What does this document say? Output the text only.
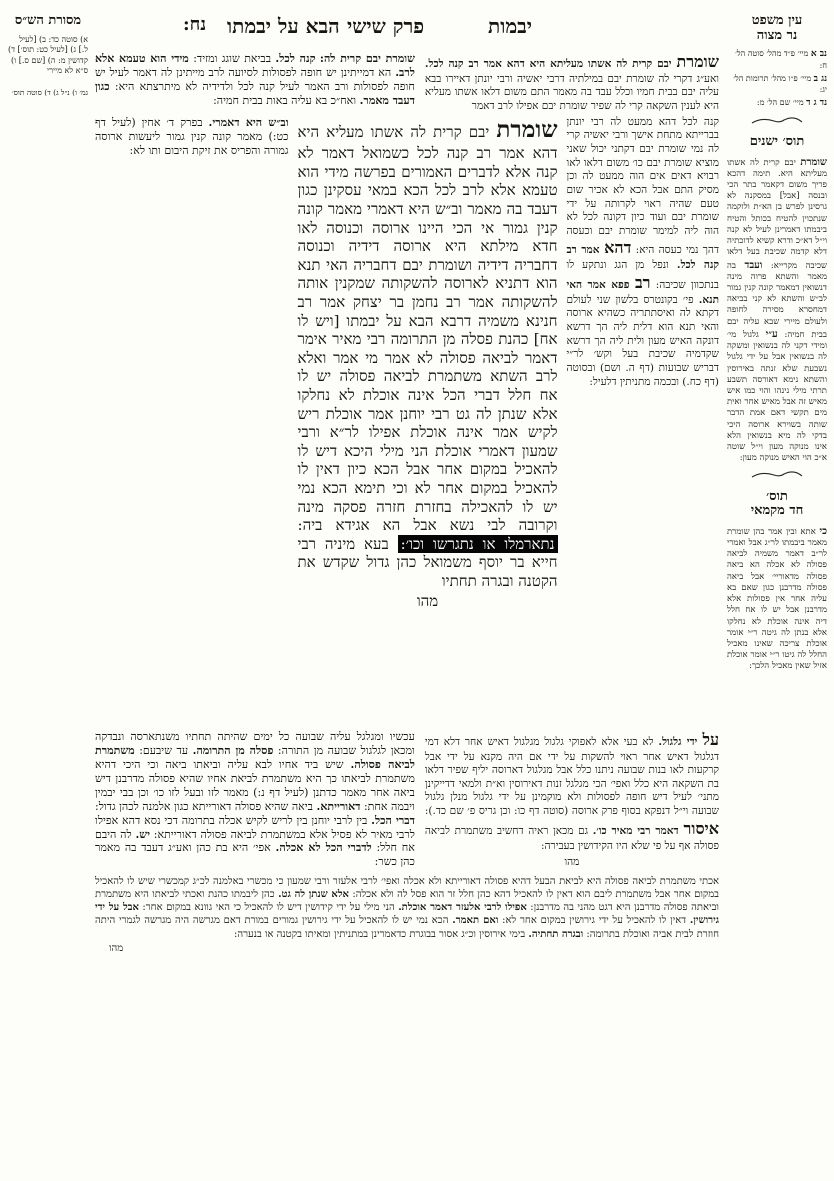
עין משפט
נר מצוה
נב א מיי׳ פ״ד מהל׳ סוטה הל׳ ח:
נג ב מיי׳ פ״ו מהל׳ תרומות הל׳ יג:
נד ג ד מיי׳ שם הל׳ מ:
תוס׳ ישנים
שומרת יבם קרית לה אשתו מעליתא היא. תימה דהכא פריך משום דקאמר בתר הכי ובנסה [אבל] במסקנה לא גרסינן לפרש בן הא״ת ולוקמה שנתכוין להטיח בכותל והטיח ביבמתו דאמרינן לעיל לא קנה וי״ל דא״כ ודרא קשיא לדוכתיה דלא קדמה שכיבת בעל דלאו שכיבה מקרייא: ועבד בה מאמר והשתא פרוה מינה דנשואין דמאמר קונה קנין גמור לב״ש והשתא לא קני בביאה דמחסרא מסירה לחופה ולעולם מיירי שבא עליה יבם בבית חמיה: ע״י גלגול מי׳ ומידי דקני לה בנשואין ומשקה לה בנשואין אבל על ידי גלגול נשבעת שלא זנתה באירוסין והשתא נימא דאורסה תשבע תרתי מילי נינהו והוי כמו איש מאיש זה אבל מאיש אחר ואית מים תקשי דאם אמת הדבר שותה בשוירא ארוסה היכי בדקי לה מיא בנשואין הלא אינו מנוקה מעון וי״ל שוטה א״כ הוי האיש מנוקה מעון:
תוס׳
חד מקמאי
כי אתא ובין אמר בהן שומרת מאמר ביבמתו לר״ג אבל ואמרי לר״ב דאמר משמיה לביאה פסולה לא אכלה הא ביאה פסולה מדאוריי׳ אבל ביאה פסולה מדרבנן כגון שאם בא עליה אחר אין פסולות אלא מדרבנן אבל יש לו אח חלל דיה אינה אוכלת לא נחלקו אלא בנתן לה גיטה ר״י אומר אוכלת צריכה שאינו מאכיל החלל לה גיטו ר״י אומר אוכלת אזיל שאין מאכיל הלכך:
נח: הבא על יבמתו פרק שישי	יבמות
שומרת יבם קרית לה אשתו מעליתא היא דהא אמר רב קנה לכל. ואע״ג דקרי לה שומרת יבם במילתיה דרבי יאשיה ורבי יונתן דאיירו בבא עליה יבם בבית חמיו וכלל עבד בה מאמר התם משום דלאו אשתו מעליא היא לענין השקאה קרי לה שפיר שומרת יבם אפילו לרב דאמר
שומרת יבם קרית לה: קנה לכל. בביאת שוגג ומזיד: מידי הוא טעמא אלא לרב. הא דמייתינן יש חופה לפסולות לסיועה לרב מייתינן לה דאמר לעיל יש חופה לפסולות ורב האמר לעיל קנה לכל ולדידיה לא מיתרצתא היא: כגון דעבד מאמר. ואח״כ בא עליה באות בבית חמיה:
קנה לכל דהא ממעט לה רבי יונתן בברייתא מתחת אישך ורבי יאשיה קרי לה נמי שומרת יבם דקתני יכול שאני מוציא שומרת יבם כו׳ משום דלאו לאו רבויא דאים אים הוה ממעט לה וכן מסיק התם אבל הכא לא אכיר שום טעם שהיה ראוי לקרותה על ידי שומרת יבם ועוד כיון דקונה לכל לא הוה ליה למימר שומרת יבם וכעסה דהך נמי כעסה היא: דהא אמר רב קנה לכל. ונפל מן הגג ונתקע לו בנתכוון שכיבה: רב פפא אמר האי תנא. פי׳ בקונטרס בלשון שני לעולם דקתא לה ואיסתתריה כשהיא ארוסה והאי תנא הוא דלית ליה הך דרשא דונקה האיש מעון ולית ליה הך דרשא שקדמיה שכיבת בעל וקש׳ לר״י דבריש שבועות (דף ה. ושם) ובסוטה (דף כח.) ובכמה מתניתין דלעיל:
שומרת יבם קרית לה אשתו מעליא היא דהא אמר רב קנה לכל כשמואל דאמר לא קנה אלא לדברים האמורים בפרשה מידי הוא טעמא אלא לרב לכל הכא במאי עסקינן כגון דעבד בה מאמר וב״ש היא דאמרי מאמר קונה קנין גמור אי הכי היינו ארוסה וכנוסה לאו חדא מילתא היא ארוסה דידיה וכנוסה דחבריה דידיה ושומרת יבם דחבריה האי תנא הוא דתניא לארוסה להשקותה שמקנין אותה להשקותה אמר רב נחמן בר יצחק אמר רב חנינא משמיה דרבא הבא על יבמתו [ויש לו אח] כהנת פסלה מן התרומה רבי מאיר אימר דאמר לביאה פסולה לא אמר מי אמר ואלא לרב השתא משתמרת לביאה פסולה יש לו אח חלל דברי הכל אינה אוכלת לא נחלקו אלא שנתן לה גט רבי יוחנן אמר אוכלת ריש לקיש אמר אינה אוכלת אפילו לר״א ורבי שמעון דאמרי אוכלת הני מילי היכא דיש לו להאכיל במקום אחר אבל הכא כיון דאין לו להאכיל במקום אחר לא וכי תימא הכא נמי יש לו להאכילה בחזרת חזרה פסקה מינה וקרובה לבי נשא אבל הא אגידא ביה: נתארמלו או נתגרשו וכו׳: בעא מיניה רבי חייא בר יוסף משמואל כהן גדול שקדש את הקטנה ובגרה תחתיו
מהו
וב״ש היא דאמרי. בפרק ד׳ אחין (לעיל דף כט:) מאמר קונה קנין גמור ליעשות ארוסה גמורה והפריס את זיקת היבום ותו לא:
על ידי גלגול. לא בעי אלא לאפוקי גלגול מגלגול דאיש אחר דלא דמי דגלגול דאיש אחר ראוי להשקות על ידי אם היה מקנא על ידי אבל קרקעות לאו בנות שבועה ניתנו כלל אבל מגלגול דארוסה יליף שפיר דלאו בת השקאה היא כלל ואפי׳ הכי מגלגל זנות דאירוסין וא״ת ולמאי דדייקינן מתני׳ לעיל דיש חופה לפסולות ולא מוקמינן על ידי גלגול מנלן גלגול שבועה וי״ל דנפקא בסוף פרק ארוסה (סוטה דף כו: וכן גריס פ׳ שם כד.): איסור דאמר רבי מאיר כו׳. גם מכאן ראיה דחשיב משתמרת לביאה פסולה אף על פי שלא היו הקידושין בעבירה:
מהו
עכשיו ומגלגל עליה שבועה כל ימים שהיתה תחתיו משנתארסה ונבדקה ומכאן לגלגול שבועה מן התורה: פסלה מן התרומה. עד שיבעם: משתמרת לביאה פסולה. שיש ביד אחיו לבא עליה וביאתו ביאה וכי היכי דהיא משתמרת לביאתו כך היא משתמרת לביאת אחיו שהיא פסולה מדרבנן דיש ביאה אחר מאמר כדתנן (לעיל דף נ:) מאמר לזו ובעל לזו כו׳ וכן בבי יבמין ויבמה אחת: דאורייתא. ביאה שהיא פסולה דאורייתא כגון אלמנה לכהן גדול: דברי הכל. בין לרבי יוחנן בין לריש לקיש אכלה בתרומה דכי נסא דהא אפילו לרבי מאיר לא פסיל אלא במשתמרת לביאה פסולה דאורייתא: יש. לה היבם אח חלל: לדברי הכל לא אכלה. אפי׳ היא בת כהן ואע״ג דעבד בה מאמר כהן כשר:
אכתי משתמרת לביאה פסולה היא לביאת הבעל דהיא פסולה דאורייתא ולא אכלה ואפי׳ לרבי אלעזר ורבי שמעון כי מכשרי באלמנה לכ״ג קמכשרי שיש לו להאכיל במקום אחר אבל משתמרת ליבם הוא דאין לו להאכיל דהא כהן חלל זר הוא פסל לה ולא אכלה: אלא שנתן לה גט. כהן ליבמתו כהנת ואכתי לביאתו היא משתמרת וביאתה פסולה מדרבנן היא דגט מהני בה מדרבנן: אפילו לרבי אלעזר דאמר אוכלת. הני מילי על ידי קידושין דיש לו להאכיל כי האי גוונא במקום אחר: אבל על ידי גירושין. דאין לו להאכיל על ידי גירושין במקום אחר לא: ואם תאמר. הכא נמי יש לו להאכיל על ידי גירושין גמורים במורת דאם מגרשה היה מגרשה לגמרי היתה חוזרת לבית אביה ואוכלת בתרומה: ובגרה תחתיה. בימי אירוסין וכ״ג אסור בבוגרת כדאמרינן במתניתין ומאיתו בקטנה או בנערה:
מהו
מסורת הש״ס
א) סוטה כד: ב) [לעיל ל.] ג) [לעיל כט: תוס׳] ד) קדושין מ: ה) [שם ס.] ו) ס״א לא מיירי
גמ׳ ו) נ״ל ג) ד) סוטה תוס׳
